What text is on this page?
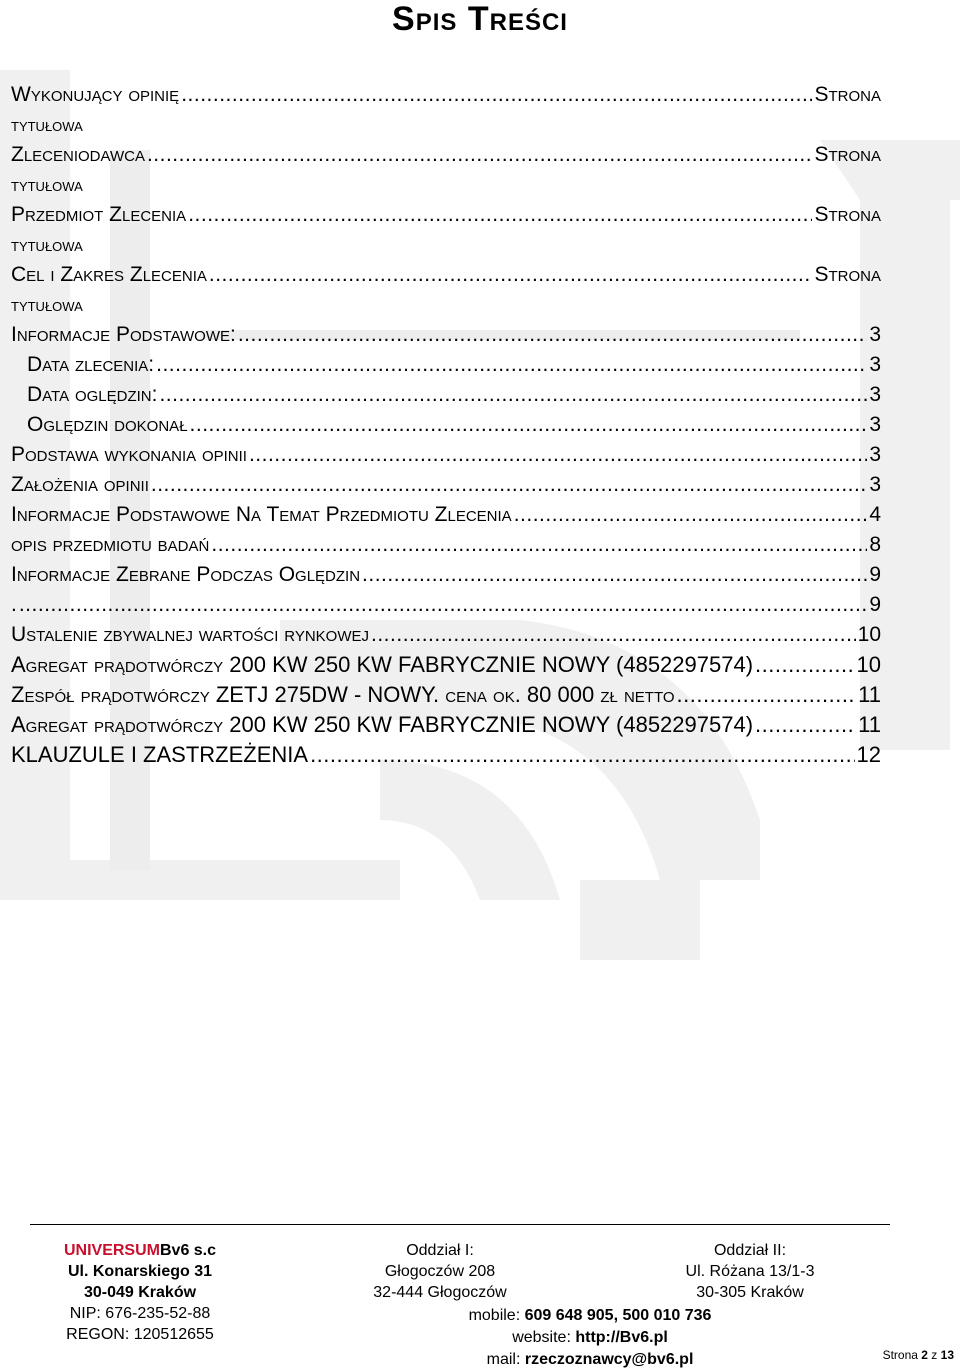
Spis Treści
Wykonujący opinię .....	Strona
tytułowa
Zleceniodawca .....	Strona
tytułowa
Przedmiot Zlecenia .....	Strona
tytułowa
Cel i Zakres Zlecenia .....	Strona
tytułowa
Informacje Podstawowe: .....	3
Data zlecenia: .....	3
Data oględzin: .....	3
Oględzin dokonał .....	3
Podstawa wykonania opinii .....	3
Założenia opinii .....	3
Informacje Podstawowe Na Temat Przedmiotu Zlecenia .....	4
opis przedmiotu badań .....	8
Informacje Zebrane Podczas Oględzin .....	9
. .....	9
Ustalenie zbywalnej wartości rynkowej .....	10
Agregat prądotwórczy 200 KW 250 KW FABRYCZNIE NOWY (4852297574) .....	10
Zespół prądotwórczy ZETJ 275DW - NOWY. cena ok. 80 000 zł netto .....	11
Agregat prądotwórczy 200 KW 250 KW FABRYCZNIE NOWY (4852297574) .....	11
KLAUZULE I ZASTRZEŻENIA .....	12
UNIVERSUMBv6 s.c
Ul. Konarskiego 31
30-049 Kraków
NIP: 676-235-52-88
REGON: 120512655
Oddział I:
Głogoczów 208
32-444 Głogoczów
Oddział II:
Ul. Różana 13/1-3
30-305 Kraków
mobile: 609 648 905, 500 010 736
website: http://Bv6.pl
mail: rzeczoznawcy@bv6.pl	Strona 2 z 13
